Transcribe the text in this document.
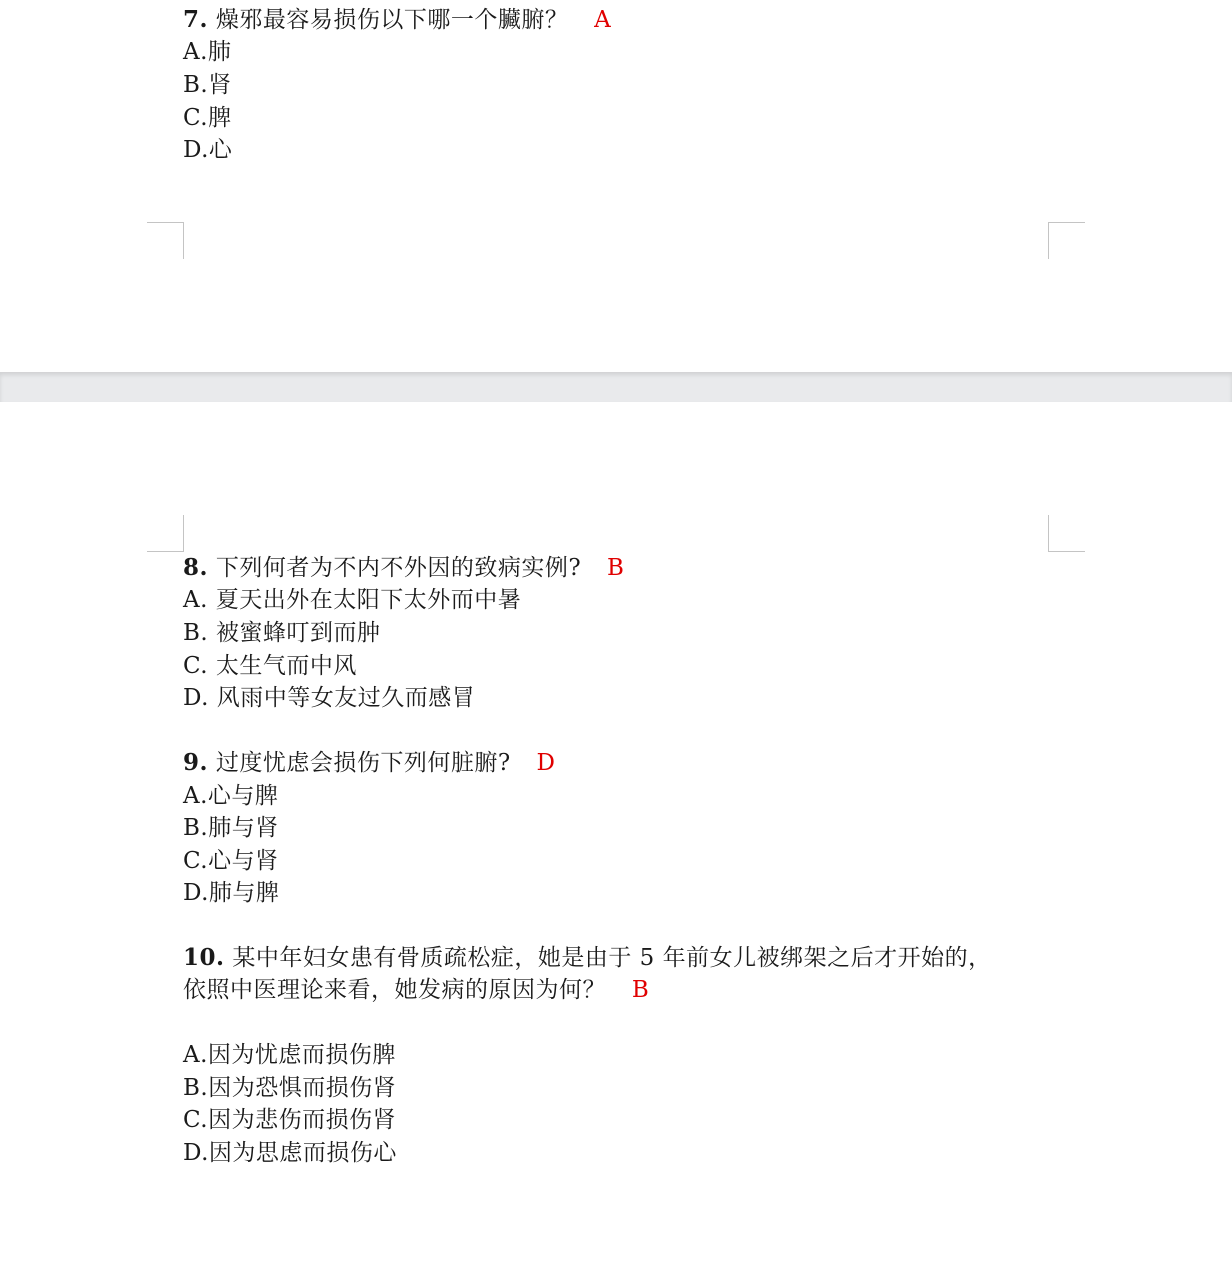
7. 燥邪最容易损伤以下哪一个臟腑？ A
A.肺
B.肾
C.脾
D.心
8. 下列何者为不内不外因的致病实例? B
A. 夏天出外在太阳下太外而中暑
B. 被蜜蜂叮到而肿
C. 太生气而中风
D. 风雨中等女友过久而感冒
9. 过度忧虑会损伤下列何脏腑? D
A.心与脾
B.肺与肾
C.心与肾
D.肺与脾
10. 某中年妇女患有骨质疏松症，她是由于 5 年前女儿被绑架之后才开始的，
依照中医理论来看，她发病的原因为何？ B
A.因为忧虑而损伤脾
B.因为恐惧而损伤肾
C.因为悲伤而损伤肾
D.因为思虑而损伤心
